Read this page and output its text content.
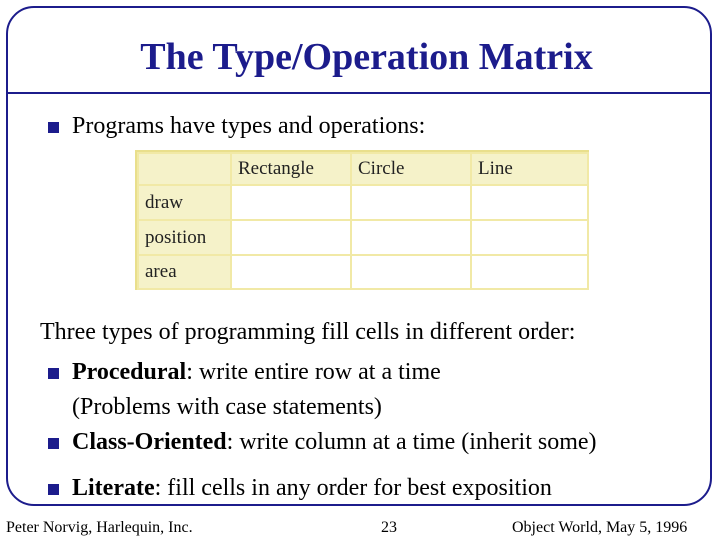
The Type/Operation Matrix
Programs have types and operations:
	Rectangle	Circle	Line
draw			
position			
area			
Three types of programming fill cells in different order:
Procedural: write entire row at a time
(Problems with case statements)
Class-Oriented: write column at a time (inherit some)
Literate: fill cells in any order for best exposition
Peter Norvig, Harlequin, Inc.	23	Object World, May 5, 1996
